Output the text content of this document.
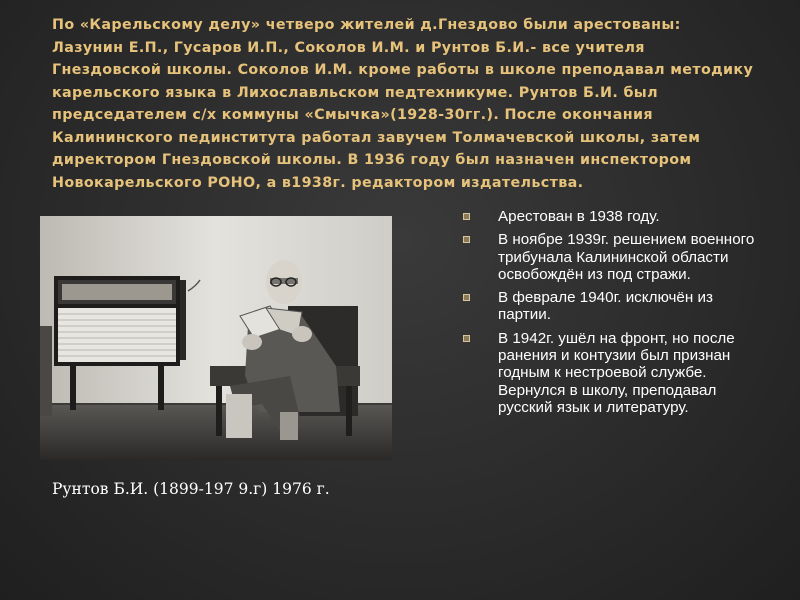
По «Карельскому делу» четверо жителей д.Гнездово были арестованы: Лазунин Е.П., Гусаров И.П., Соколов И.М. и Рунтов Б.И.- все учителя Гнездовской школы. Соколов И.М. кроме работы в школе преподавал методику карельского языка в Лихославльском педтехникуме. Рунтов Б.И. был председателем с/х коммуны «Смычка»(1928-30гг.). После окончания Калининского пединститута работал завучем Толмачевской школы, затем директором Гнездовской школы. В 1936 году был назначен инспектором Новокарельского РОНО, а в1938г. редактором издательства.
Рунтов Б.И. (1899-197 9.г) 1976 г.
Арестован в 1938 году.
В ноябре 1939г. решением военного трибунала Калининской области освобождён из под стражи.
В феврале 1940г. исключён из партии.
В 1942г. ушёл на фронт, но после ранения и контузии был признан годным к нестроевой службе. Вернулся в школу, преподавал русский язык и литературу.
